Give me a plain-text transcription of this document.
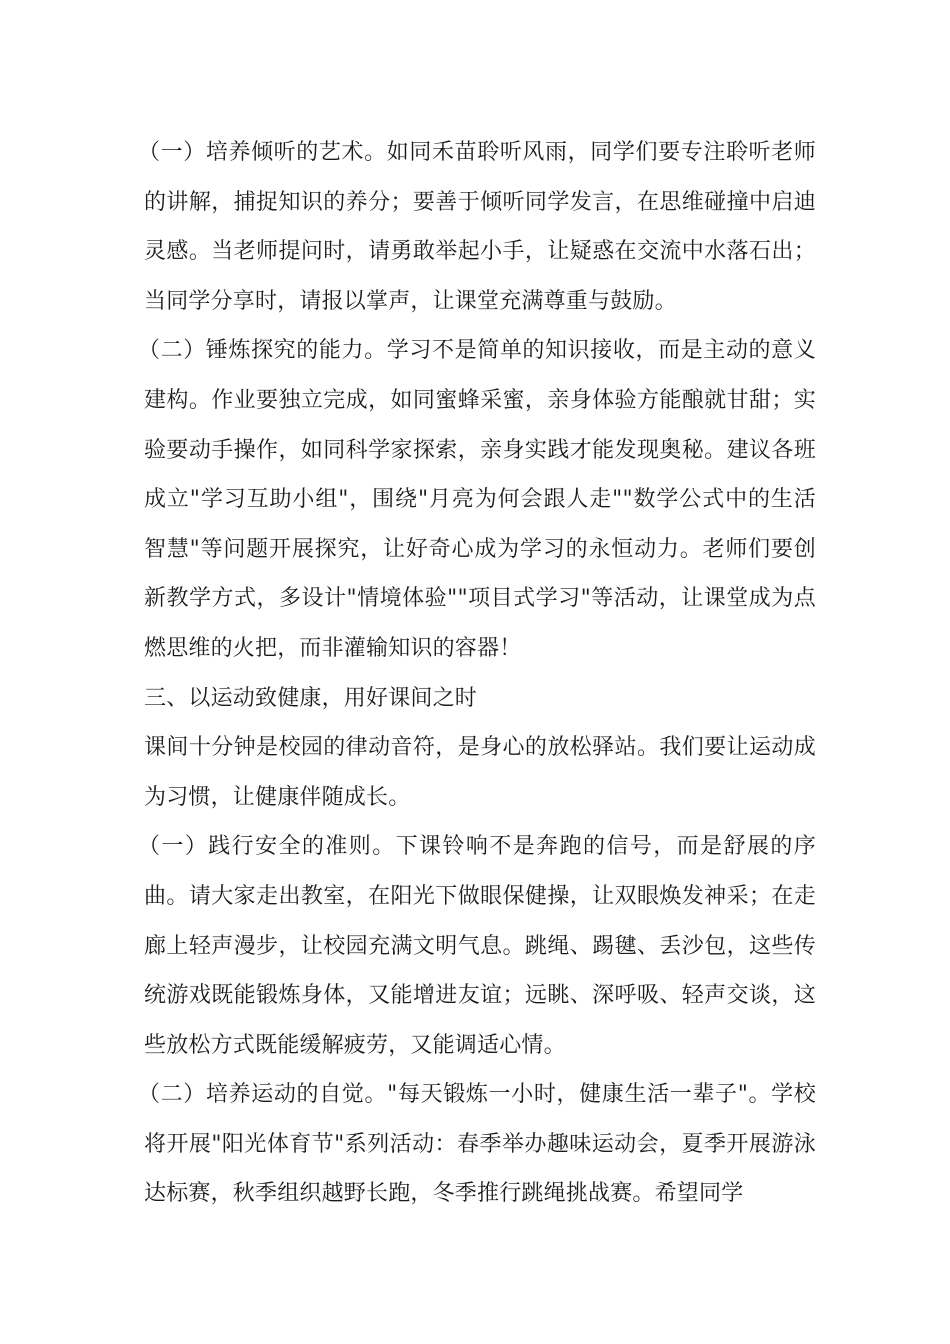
（一）培养倾听的艺术。如同禾苗聆听风雨，同学们要专注聆听老师的讲解，捕捉知识的养分；要善于倾听同学发言，在思维碰撞中启迪灵感。当老师提问时，请勇敢举起小手，让疑惑在交流中水落石出；当同学分享时，请报以掌声，让课堂充满尊重与鼓励。

（二）锤炼探究的能力。学习不是简单的知识接收，而是主动的意义建构。作业要独立完成，如同蜜蜂采蜜，亲身体验方能酿就甘甜；实验要动手操作，如同科学家探索，亲身实践才能发现奥秘。建议各班成立"学习互助小组"，围绕"月亮为何会跟人走""数学公式中的生活智慧"等问题开展探究，让好奇心成为学习的永恒动力。老师们要创新教学方式，多设计"情境体验""项目式学习"等活动，让课堂成为点燃思维的火把，而非灌输知识的容器！

三、以运动致健康，用好课间之时

课间十分钟是校园的律动音符，是身心的放松驿站。我们要让运动成为习惯，让健康伴随成长。

（一）践行安全的准则。下课铃响不是奔跑的信号，而是舒展的序曲。请大家走出教室，在阳光下做眼保健操，让双眼焕发神采；在走廊上轻声漫步，让校园充满文明气息。跳绳、踢毽、丢沙包，这些传统游戏既能锻炼身体，又能增进友谊；远眺、深呼吸、轻声交谈，这些放松方式既能缓解疲劳，又能调适心情。

（二）培养运动的自觉。"每天锻炼一小时，健康生活一辈子"。学校将开展"阳光体育节"系列活动：春季举办趣味运动会，夏季开展游泳达标赛，秋季组织越野长跑，冬季推行跳绳挑战赛。希望同学
